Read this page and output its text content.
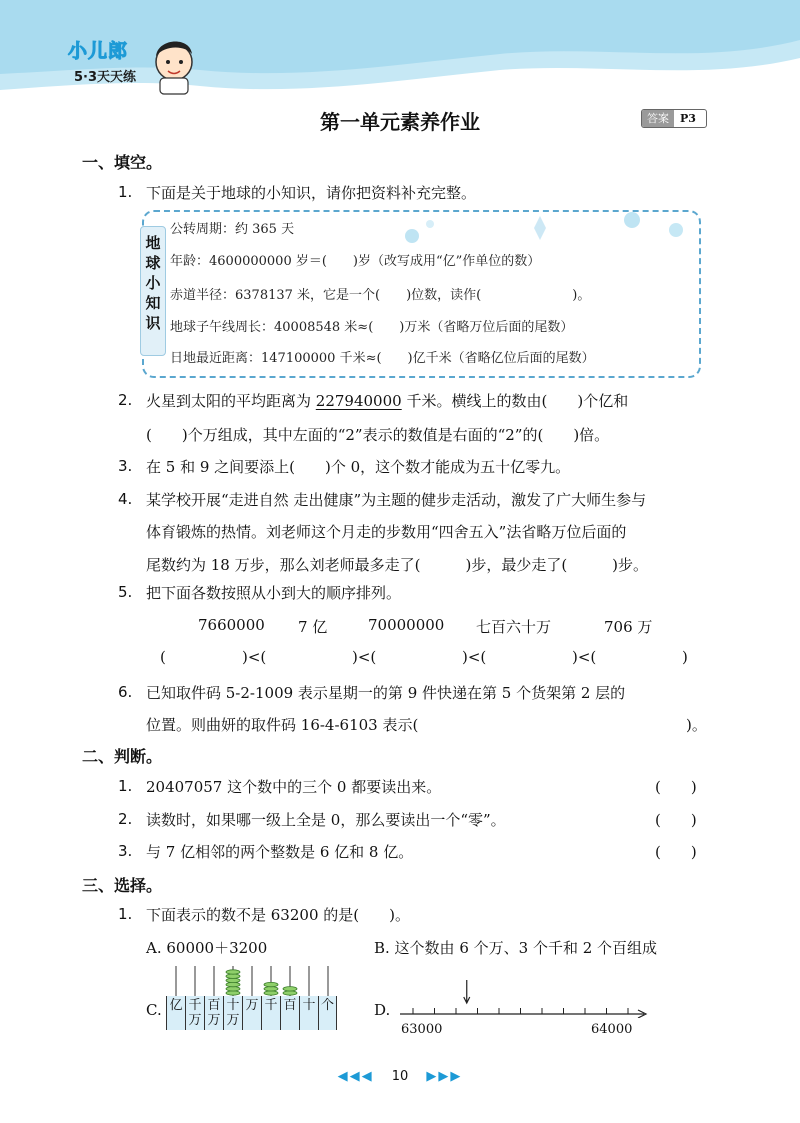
小儿郎
5·3天天练
第一单元素养作业	答案	P3
一、填空。
1. 下面是关于地球的小知识，请你把资料补充完整。
地
球
小
知
识
公转周期：约 365 天
年龄：4600000000 岁＝(　　)岁（改写成用“亿”作单位的数）
赤道半径：6378137 米，它是一个(　　)位数，读作(　　　　　　　)。
地球子午线周长：40008548 米≈(　　)万米（省略万位后面的尾数）
日地最近距离：147100000 千米≈(　　)亿千米（省略亿位后面的尾数）
2. 火星到太阳的平均距离为 227940000 千米。横线上的数由(　　)个亿和
(　　)个万组成，其中左面的“2”表示的数值是右面的“2”的(　　)倍。
3. 在 5 和 9 之间要添上(　　)个 0，这个数才能成为五十亿零九。
4. 某学校开展“走进自然 走出健康”为主题的健步走活动，激发了广大师生参与
体育锻炼的热情。刘老师这个月走的步数用“四舍五入”法省略万位后面的
尾数约为 18 万步，那么刘老师最多走了(　　　)步，最少走了(　　　)步。
5. 把下面各数按照从小到大的顺序排列。
7660000 7 亿	70000000 七百六十万	706 万
(	)<(	)<(	)<(	)<(	)
6. 已知取件码 5-2-1009 表示星期一的第 9 件快递在第 5 个货架第 2 层的
位置。则曲妍的取件码 16-4-6103 表示(	)。
二、判断。
1. 20407057 这个数中的三个 0 都要读出来。	(　　)
2. 读数时，如果哪一级上全是 0，那么要读出一个“零”。	(　　)
3. 与 7 亿相邻的两个整数是 6 亿和 8 亿。	(　　)
三、选择。
1. 下面表示的数不是 63200 的是(　　)。
A. 60000＋3200	B. 这个数由 6 个万、3 个千和 2 个百组成
C. 亿 千万
百万
十万
万 千 百 十 个	D.
63000	64000
◀◀◀ 10 ▶▶▶
